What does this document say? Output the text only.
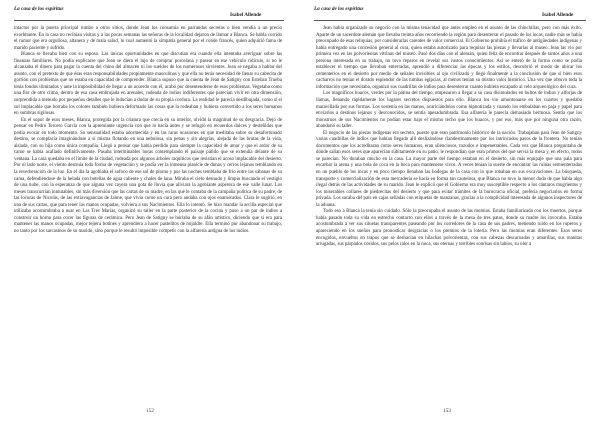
La casa de los espíritus
Isabel Allende

intactos por la puerta principal rumbo a otros sitios, donde Jean los consumía en parrandas secretas o bien vendía a un precio exorbitante. En la casa no recibían visitas y a las pocas semanas las señoras de la localidad dejaron de llamar a Blanca. Se habla corrido el rumor que era orgullosa, altanera y de mala salud, lo cual aumentó la simpatía general por el conde francés, quien adquirió fama de marido paciente y sufrido.

Blanca se llevaba bien con su esposo. Las únicas oportunidades en que discutían era cuando ella intentaba averiguar sobre las finanzas familiares. No podía explicarse que Jean se diera el lujo de comprar porcelana y pasear en ese vehículo ridículo, si no le alcanzaba el dinero para pagar la cuenta del chino del almacén ni los sueldos de los numerosos sirvientes. Jean se negaba a hablar del asunto, con el pretexto de que ésas eran responsabilidades propiamente masculinas y que ella no tenía necesidad de llenar su cabecita de gorrión con problemas que no estaba en capacidad de comprender. Blanca supuso que la cuenta de Jean de Satigny con Esteban Trueba tenía fondos ilimitados y ante la imposibilidad de llegar a un acuerdo con él, acabó por desentenderse de esos problemas. Vegetaba como una flor de otro clima, dentro de esa casa embrujada en arenales, rodeada de indios indiferentes que parecían vivir en otra dimensión, sorprendida a menudo por pequeños detalles que le inducían a dudar de su propia cordura. La realidad le parecía desdibujada, como si el sol implacable que borraba los colores también hubiera deformado las cosas que la rodeaban y hubiera convertido a los seres humanos en sombras sigilosas.

En el sopor de esos meses, Blanca, protegida por la criatura que crecía en su interior, olvidó la magnitud de su desgracia. Dejó de pensar en Pedro Tercero García con la apremiante urgencia con que lo hacía antes y se refugió en recuerdos dulces y desteñidos que podía evocar en todo momento. Su sensualidad estaba adormecida y en las raras ocasiones en que meditaba sobre su desafortunado destino, se complacía imaginándose a sí misma flotando en una nebulosa, sin penas y sin alegrías, alejada de las brutas de la vida, aislada, con su hija como única compañía. Llegó a pensar que había perdido para siempre la capacidad de amar y que el ardor de su carne se había acallado definitivamente. Pasaba interminables horas contemplando el paisaje pálido que se extendía delante de su ventana. La casa quedaba en el límite de la ciudad, rodeada por algunos árboles raquíticos que resistían el acoso implacable del desierto. Por el lado norte, el viento destruía toda forma de vegetación y se podía ver la inmensa planicie de dunas y cerros lejanos temblando en la reverberación de la luz. En el día la agobiaba el sofoco de ese sol de plomo y por las noches temblaba de frío entre las sábanas de su cama, defendiéndose de la helada con botellas de agua caliente y chales de lana. Miraba el cielo desnudo y limpio buscando el vestigio de una nube, con la esperanza de que alguna vez cayera una gota de lluvia que aliviara la agobiante aspereza de ese valle lunar. Los meses transcurrían inmutables, sin más diversión que las cartas de su madre, en las que le contaba de la campaña política de su padre, de las locuras de Nicolás, de las extravagancias de Jaime, que vivía como un cura pero andaba con ojos enamorados. Clara le sugirió, en una de sus cartas, que para tener las manos ocupadas, volviera a sus Nacimientos. Ella lo intentó. Se hizo mandar la arcilla especial que utilizaba acostumbraba a usar en Las Tres Marías, organizó su taller en la parte posterior de la cocina y puso a un par de indios a construir un horno para cocer las figuras de cerámica. Pero Jean de Satigny se burlaba de su afán artístico, diciendo que si era para mantener las manos ocupadas, mejor tejiera botines y aprendiera a hacer pastelitos de hojaldre. Ella terminó por abandonar su trabajo, no tanto por los sarcasmos de su marido, sino porque le resultó imposible competir con la alfarería antigua de los indios.

152
La casa de los espíritus
Isabel Allende

Jean había organizado su negocio con la misma tenacidad que antes empleó en el asunto de las chinchillas, pero con más éxito. Aparte de un sacerdote alemán que llevaba treinta años recorriendo la región para desenterrar el pasado de los incas, nadie más se había preocupado de esas reliquias, por considerarlas carentes de valor comercial. El Gobierno prohibía el tráfico de antigüedades indígenas y había entregado una concesión general al cura, quien estaba autorizado para requisar las piezas y llevarlas al museo. Jean las vio por primera vez en las polvorientas vitrinas del museo. Pasó dos días con el alemán, quien feliz de encontrar después de tantos años a una persona interesada en su trabajo, no tuvo reparos en revelar sus vastos conocimientos. Así se enteró de la forma como se podía establecer el tiempo que llevaban enterradas, aprendió a diferenciar las épocas y los estilos, descubrió el modo de ubicar los cementerios en el desierto por medio de señales invisibles al ojo civilizado y llegó finalmente a la conclusión de que si bien esos cacharros no tenían el dorado esplendor de las tumbas egipcias, al menos tenían su mismo valor histórico. Una vez que obtuvo toda la información que necesitaba, organizó sus cuadrillas de indios para desenterrar cuanto hubiera escapado al celo arqueológico del cura.

Los magníficos huacos, verdes por la pátina del tiempo, empezaron a llegar a su casa disimulados en bultos de indios y alforjas de llamas, llenando rápidamente los lugares secretos dispuestos para ello. Blanca los vio amontonarse en los cuartos y quedaba maravillada por sus formas. Los sostenía en las manos, acariciándolos como hipnotizada y cuando los embalaban en paja y papel para enviarlos a destinos lejanos y desconocidos, se sentía apesadumbrada. Esa alfarería le parecía demasiado hermosa. Sentía que los monstruos de sus Nacimientos no podían estar bajo el mismo techo que los huacos, y por eso, más que por ninguna otra razón, abandonó su taller.

El negocio de las piezas indígenas era secreto, puesto que eran patrimonio histórico de la nación. Trabajaban para Jean de Satigny varias cuadrillas de indios que habían llegado allí deslizándose clandestinamente por los intrincados pasos de la frontera. No tenían documentos que los acreditaran como seres humanos, eran silenciosos, tozudos e impenetrables. Cada vez que Blanca preguntaba de dónde salían esos seres que aparecían súbitamente en su patio, le respondían que eran primos del que servía la mesa y, en efecto, todos se parecían. No duraban mucho en la casa. La mayor parte del tiempo estaban en el desierto, sin más equipaje que una pala para escarbar la arena y una bola de coca en la boca para mantenerse vivos. A veces tenían la suerte de encontrar las ruinas semienterradas en un pueblo de los incas y en poco tiempo llenaban las bodegas de la casa con lo que robaban en sus excavaciones. La búsqueda, transporte y comercialización de esta mercadería se hacía en forma tan cautelosa, que Blanca no tuvo la menor duda de que había algo ilegal detrás de las actividades de su marido. Jean le explicó que el Gobierno era muy susceptible respecto a los cántaros mugrientos y los miserables collares de piedrecitas del desierto y que para evitar trámites de la burocracia oficial, prefería negociarlos en forma privada. Los sacaba del país en cajas selladas con etiquetas de manzanas, gracias a la complicidad interesada de algunos inspectores de la aduana.

Todo eso a Blanca la tenía sin cuidado. Sólo la preocupaba el asunto de las momias. Estaba familiarizada con los muertos, porque había pasado toda su vida en estrecho contacto con ellos a través de la mesa de tres patas, donde su madre los invocaba. Estaba acostumbrada a ver sus siluetas transparentes paseando por los corredores de la casa de sus padres, metiendo ruido en los roperos y apareciendo en los sueños para pronosticar desgracias o los premios de la lotería. Pero las momias eran diferentes. Esos seres encogidos, envueltos en trapos que se deshacían en hilachas polvorientas, con sus cabezas descarnadas y amarillas, sus manitas arrugadas, sus párpados cosidos, sus pelos ralos en la nuca, sus eternas y terribles sonrisas sin labios, su olor a

153
